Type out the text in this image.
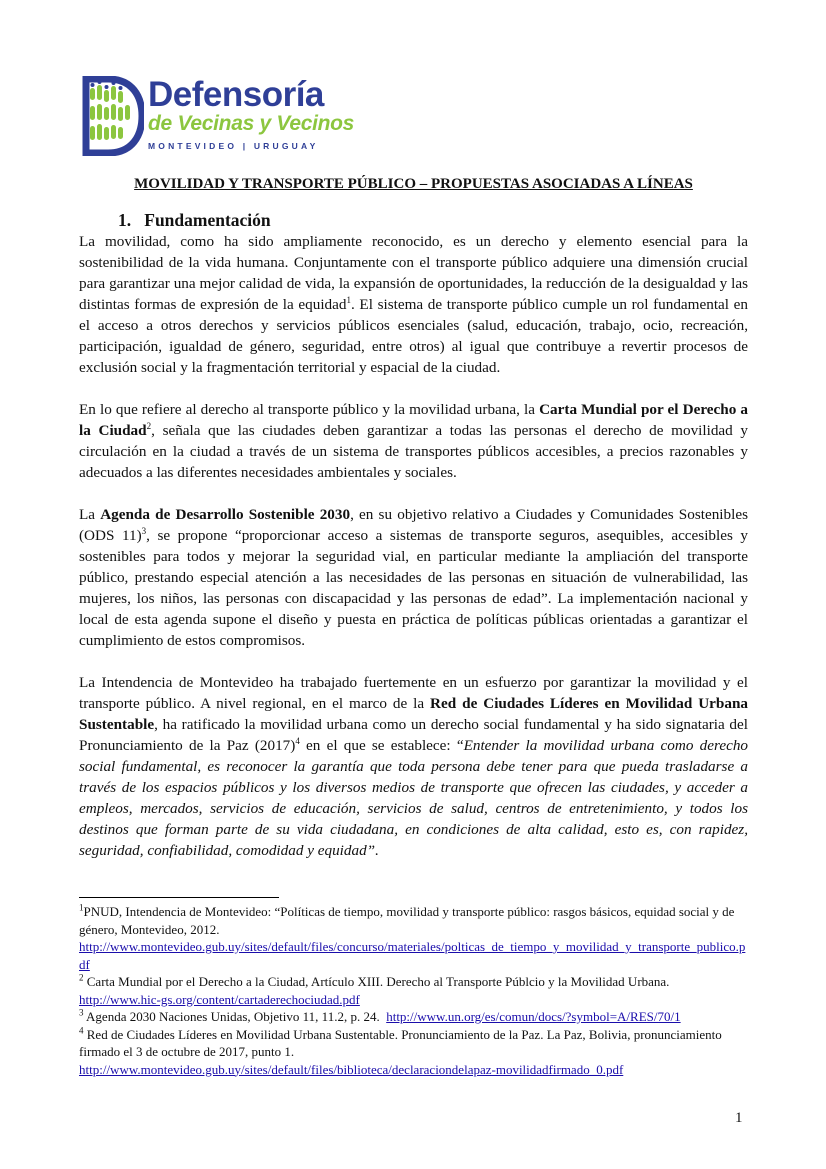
Defensoría
de Vecinas y Vecinos
MONTEVIDEO | URUGUAY
MOVILIDAD Y TRANSPORTE PÚBLICO – PROPUESTAS ASOCIADAS A LÍNEAS
1. Fundamentación

La movilidad, como ha sido ampliamente reconocido, es un derecho y elemento esencial para la sostenibilidad de la vida humana. Conjuntamente con el transporte público adquiere una dimensión crucial para garantizar una mejor calidad de vida, la expansión de oportunidades, la reducción de la desigualdad y las distintas formas de expresión de la equidad$^1$. El sistema de transporte público cumple un rol fundamental en el acceso a otros derechos y servicios públicos esenciales (salud, educación, trabajo, ocio, recreación, participación, igualdad de género, seguridad, entre otros) al igual que contribuye a revertir procesos de exclusión social y la fragmentación territorial y espacial de la ciudad.

En lo que refiere al derecho al transporte público y la movilidad urbana, la Carta Mundial por el Derecho a la Ciudad$^2$, señala que las ciudades deben garantizar a todas las personas el derecho de movilidad y circulación en la ciudad a través de un sistema de transportes públicos accesibles, a precios razonables y adecuados a las diferentes necesidades ambientales y sociales.

La Agenda de Desarrollo Sostenible 2030, en su objetivo relativo a Ciudades y Comunidades Sostenibles (ODS 11)$^3$, se propone “proporcionar acceso a sistemas de transporte seguros, asequibles, accesibles y sostenibles para todos y mejorar la seguridad vial, en particular mediante la ampliación del transporte público, prestando especial atención a las necesidades de las personas en situación de vulnerabilidad, las mujeres, los niños, las personas con discapacidad y las personas de edad”. La implementación nacional y local de esta agenda supone el diseño y puesta en práctica de políticas públicas orientadas a garantizar el cumplimiento de estos compromisos.

La Intendencia de Montevideo ha trabajado fuertemente en un esfuerzo por garantizar la movilidad y el transporte público. A nivel regional, en el marco de la Red de Ciudades Líderes en Movilidad Urbana Sustentable, ha ratificado la movilidad urbana como un derecho social fundamental y ha sido signataria del Pronunciamiento de la Paz $(2017)^4$ en el que se establece: “Entender la movilidad urbana como derecho social fundamental, es reconocer la garantía que toda persona debe tener para que pueda trasladarse a través de los espacios públicos y los diversos medios de transporte que ofrecen las ciudades, y acceder a empleos, mercados, servicios de educación, servicios de salud, centros de entretenimiento, y todos los destinos que forman parte de su vida ciudadana, en condiciones de alta calidad, esto es, con rapidez, seguridad, confiabilidad, comodidad y equidad”.

$^1$PNUD, Intendencia de Montevideo: “Políticas de tiempo, movilidad y transporte público: rasgos básicos, equidad social y de género, Montevideo, 2012.
http://www.montevideo.gub.uy/sites/default/files/concurso/materiales/polticas_de_tiempo_y_movilidad_y_transporte_publico.pdf
$^2$ Carta Mundial por el Derecho a la Ciudad, Artículo XIII. Derecho al Transporte Públcio y la Movilidad Urbana.
http://www.hic-gs.org/content/cartaderechociudad.pdf
$^3$ Agenda 2030 Naciones Unidas, Objetivo 11, 11.2, p. 24.  http://www.un.org/es/comun/docs/?symbol=A/RES/70/1
$^4$ Red de Ciudades Líderes en Movilidad Urbana Sustentable. Pronunciamiento de la Paz. La Paz, Bolivia, pronunciamiento firmado el 3 de octubre de 2017, punto 1.
http://www.montevideo.gub.uy/sites/default/files/biblioteca/declaraciondelapaz-movilidadfirmado_0.pdf
1
